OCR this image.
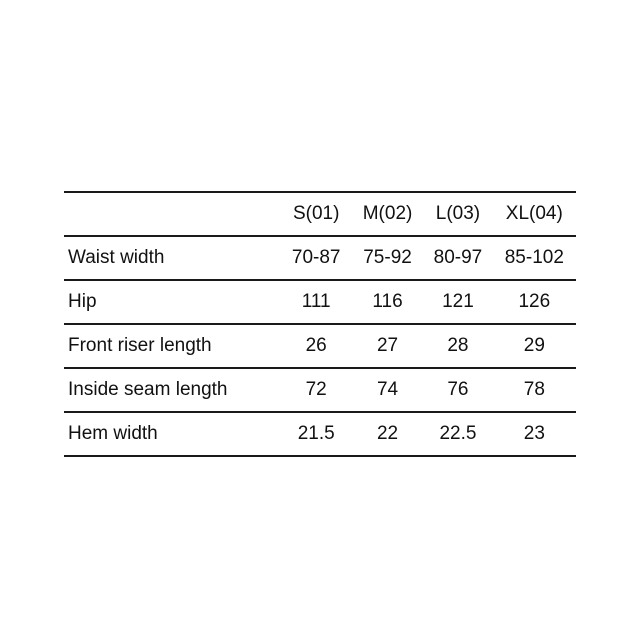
	S(01)	M(02)	L(03)	XL(04)
Waist width	70-87	75-92	80-97	85-102
Hip	111	116	121	126
Front riser length	26	27	28	29
Inside seam length	72	74	76	78
Hem width	21.5	22	22.5	23
